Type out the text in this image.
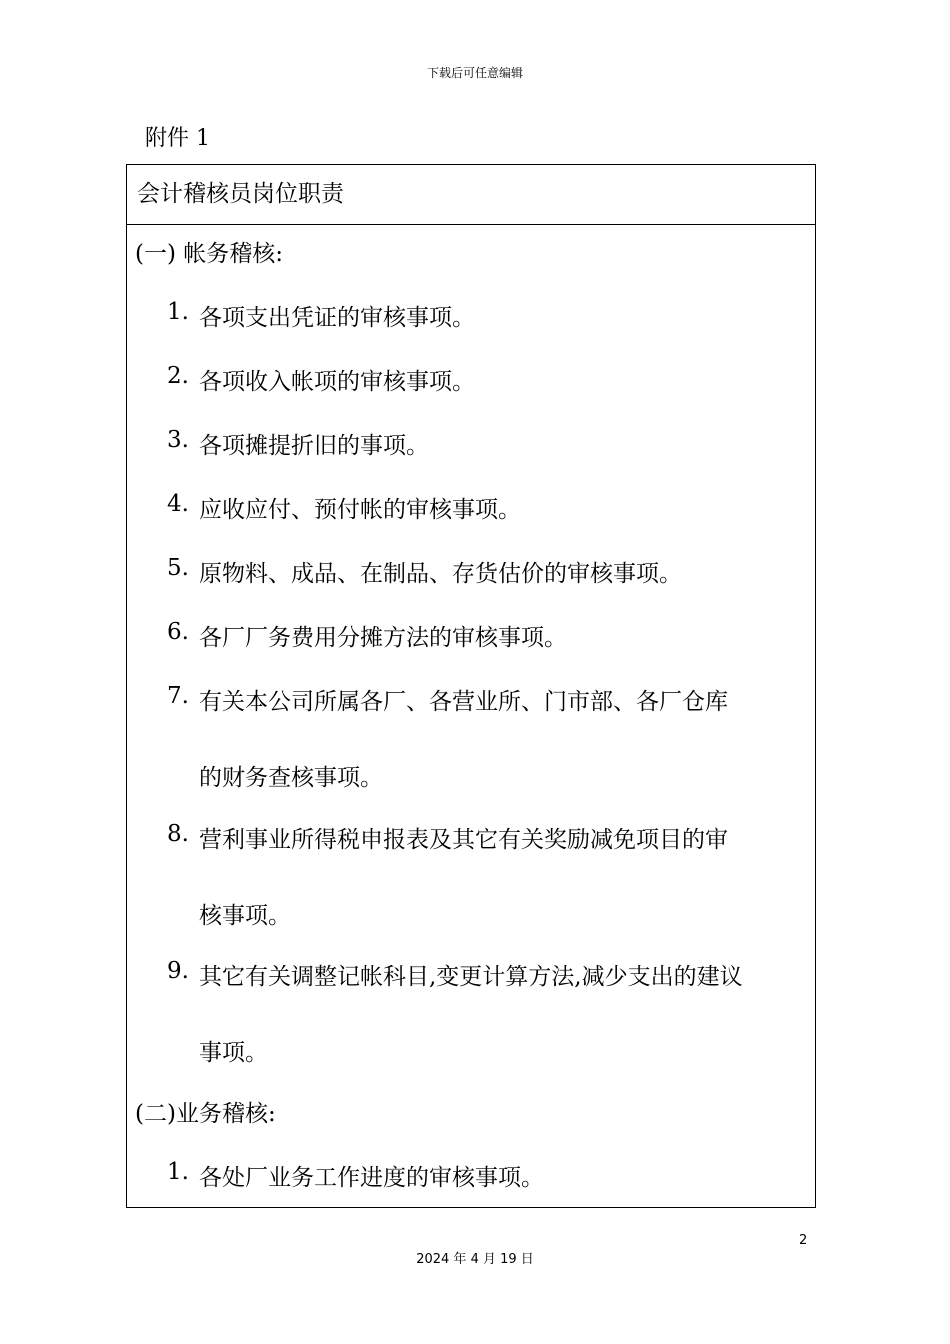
下载后可任意编辑
附件 1
会计稽核员岗位职责
(一) 帐务稽核:
1. 各项支出凭证的审核事项。
2. 各项收入帐项的审核事项。
3. 各项摊提折旧的事项。
4. 应收应付、预付帐的审核事项。
5. 原物料、成品、在制品、存货估价的审核事项。
6. 各厂厂务费用分摊方法的审核事项。
7. 有关本公司所属各厂、各营业所、门市部、各厂仓库
的财务查核事项。
8. 营利事业所得税申报表及其它有关奖励减免项目的审
核事项。
9. 其它有关调整记帐科目,变更计算方法,减少支出的建议
事项。
(二)业务稽核:
1. 各处厂业务工作进度的审核事项。
2
2024 年 4 月 19 日
